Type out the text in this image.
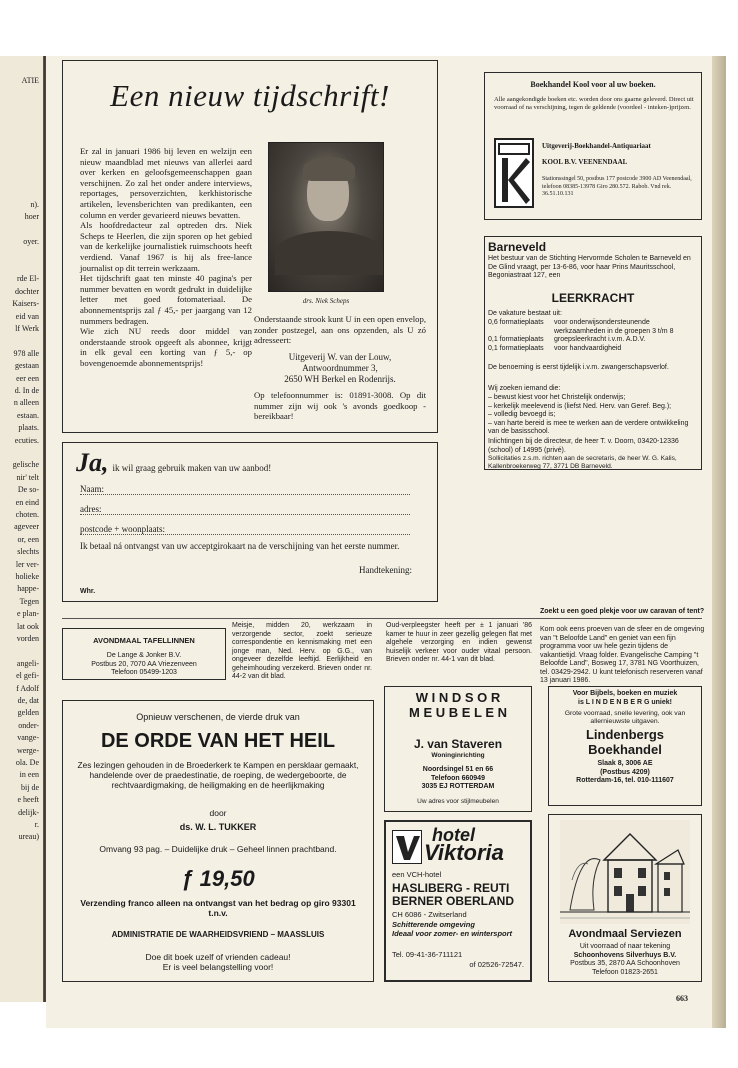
ATIE
n).
hoer
oyer.
rde El-
dochter
Kaisers-
eid van
lf Werk
978 alle
gestaan
eer een
d. In de
n alleen
estaan.
plaats.
ecuties.
gelische
nir' telt
De so-
en eind
choten.
ageveer
or, een
slechts
ler ver-
holieke
happe-
Tegen
e plan-
lat ook
vorden
angeli-
el gefi-
f Adolf
de, dat
gelden
onder-
vange-
werge-
ola. De
in een
bij de
e heeft
delijk-
r.
ureau)
Een nieuw tijdschrift!
Er zal in januari 1986 bij leven en welzijn een nieuw maandblad met nieuws van allerlei aard over kerken en geloofsgemeenschappen gaan verschijnen. Zo zal het onder andere interviews, reportages, persoverzichten, kerkhistorische artikelen, levensberichten van predikanten, een column en verder gevarieerd nieuws bevatten.
Als hoofdredacteur zal optreden drs. Niek Scheps te Heerlen, die zijn sporen op het gebied van de kerkelijke journalistiek ruimschoots heeft verdiend. Vanaf 1967 is hij als free-lance journalist op dit terrein werkzaam.
Het tijdschrift gaat ten minste 40 pagina's per nummer bevatten en wordt gedrukt in duidelijke letter met goed fotomateriaal. De abonnementsprijs zal ƒ 45,- per jaargang van 12 nummers bedragen.
Wie zich NU reeds door middel van onderstaande strook opgeeft als abonnee, krijgt in elk geval een korting van ƒ 5,- op bovengenoemde abonnementsprijs!
drs. Niek Scheps
Onderstaande strook kunt U in een open envelop, zonder postzegel, aan ons opzenden, als U zó adresseert:
Uitgeverij W. van der Louw,
Antwoordnummer 3,
2650 WH Berkel en Rodenrijs.
Op telefoonnummer is: 01891-3008. Op dit nummer zijn wij ook 's avonds goedkoop - bereikbaar!
Ja, ik wil graag gebruik maken van uw aanbod!
Naam:
adres:
postcode + woonplaats:
Ik betaal ná ontvangst van uw acceptgirokaart na de verschijning van het eerste nummer.
Handtekening:
Whr.
Boekhandel Kool voor al uw boeken.
Alle aangekondigde boeken etc. worden door ons gaarne geleverd. Direct uit voorraad of na verschijning, tegen de geldende (voordeel - inteken-)prijzen.
Uitgeverij-Boekhandel-Antiquariaat
KOOL B.V. VEENENDAAL
Stationssingel 50, postbus 177 postcode 3900 AD Veenendaal, telefoon 08385-13978 Giro 280.572. Rabob. Vnd rek. 36.51.10.131
Barneveld
Het bestuur van de Stichting Hervormde Scholen te Barneveld en De Glind vraagt, per 13-6-86, voor haar Prins Mauritsschool, Begoniastraat 127, een
LEERKRACHT
De vakature bestaat uit:
0,6 formatieplaats	voor onderwijsondersteunende werkzaamheden in de groepen 3 t/m 8
0,1 formatieplaats	groepsleerkracht i.v.m. A.D.V.
0,1 formatieplaats	voor handvaardigheid
De benoeming is eerst tijdelijk i.v.m. zwangerschapsverlof.
Wij zoeken iemand die:
– bewust kiest voor het Christelijk onderwijs;
– kerkelijk meelevend is (liefst Ned. Herv. van Geref. Beg.);
– volledig bevoegd is;
– van harte bereid is mee te werken aan de verdere ontwikkeling van de basisschool.
Inlichtingen bij de directeur, de heer T. v. Doorn, 03420-12336 (school) of 14995 (privé).
Sollicitaties z.s.m. richten aan de secretaris, de heer W. G. Kalis, Kallenbroekerweg 77, 3771 DB Barneveld.
Zoekt u een goed plekje voor uw caravan of tent?
Kom ook eens proeven van de sfeer en de omgeving van "t Beloofde Land" en geniet van een fijn programma voor uw hele gezin tijdens de vakantietijd. Vraag folder. Evangelische Camping "t Beloofde Land", Bosweg 17, 3781 NG Voorthuizen, tel. 03429-2942. U kunt telefonisch reserveren vanaf 13 januari 1986.
AVONDMAAL TAFELLINNEN
De Lange & Jonker B.V.
Postbus 20, 7070 AA Vriezenveen
Telefoon 05499-1203
Meisje, midden 20, werkzaam in verzorgende sector, zoekt serieuze correspondentie en kennismaking met een jonge man, Ned. Herv. op G.G., van ongeveer dezelfde leeftijd. Eerlijkheid en geheimhouding verzekerd. Brieven onder nr. 44-2 van dit blad.
Oud-verpleegster heeft per ± 1 januari '86 kamer te huur in zeer gezellig gelegen flat met algehele verzorging en indien gewenst huiselijk verkeer voor ouder vitaal persoon. Brieven onder nr. 44-1 van dit blad.
Opnieuw verschenen, de vierde druk van
DE ORDE VAN HET HEIL
Zes lezingen gehouden in de Broederkerk te Kampen en persklaar gemaakt, handelende over de praedestinatie, de roeping, de wedergeboorte, de rechtvaardigmaking, de heiligmaking en de heerlijkmaking
door
ds. W. L. TUKKER
Omvang 93 pag. – Duidelijke druk – Geheel linnen prachtband.
ƒ 19,50
Verzending franco alleen na ontvangst van het bedrag op giro 93301 t.n.v.
ADMINISTRATIE DE WAARHEIDSVRIEND – MAASSLUIS
Doe dit boek uzelf of vrienden cadeau!
Er is veel belangstelling voor!
W I N D S O R
M E U B E L E N
J. van Staveren
Woninginrichting
Noordsingel 51 en 66
Telefoon 660949
3035 EJ ROTTERDAM
Uw adres voor stijlmeubelen
hotel
Viktoria
een VCH-hotel
HASLIBERG - REUTI
BERNER OBERLAND
CH 6086 - Zwitserland
Schitterende omgeving
Ideaal voor zomer- en wintersport
Tel. 09-41-36-711121
of 02526-72547.
Voor Bijbels, boeken en muziek
is L I N D E N B E R G uniek!
Grote voorraad, snelle levering, ook van allernieuwste uitgaven.
Lindenbergs
Boekhandel
Slaak 8, 3006 AE
(Postbus 4209)
Rotterdam-16, tel. 010-111607
Avondmaal Serviezen
Uit voorraad of naar tekening
Schoonhovens Silverhuys B.V.
Postbus 35, 2870 AA Schoonhoven
Telefoon 01823-2651
663
